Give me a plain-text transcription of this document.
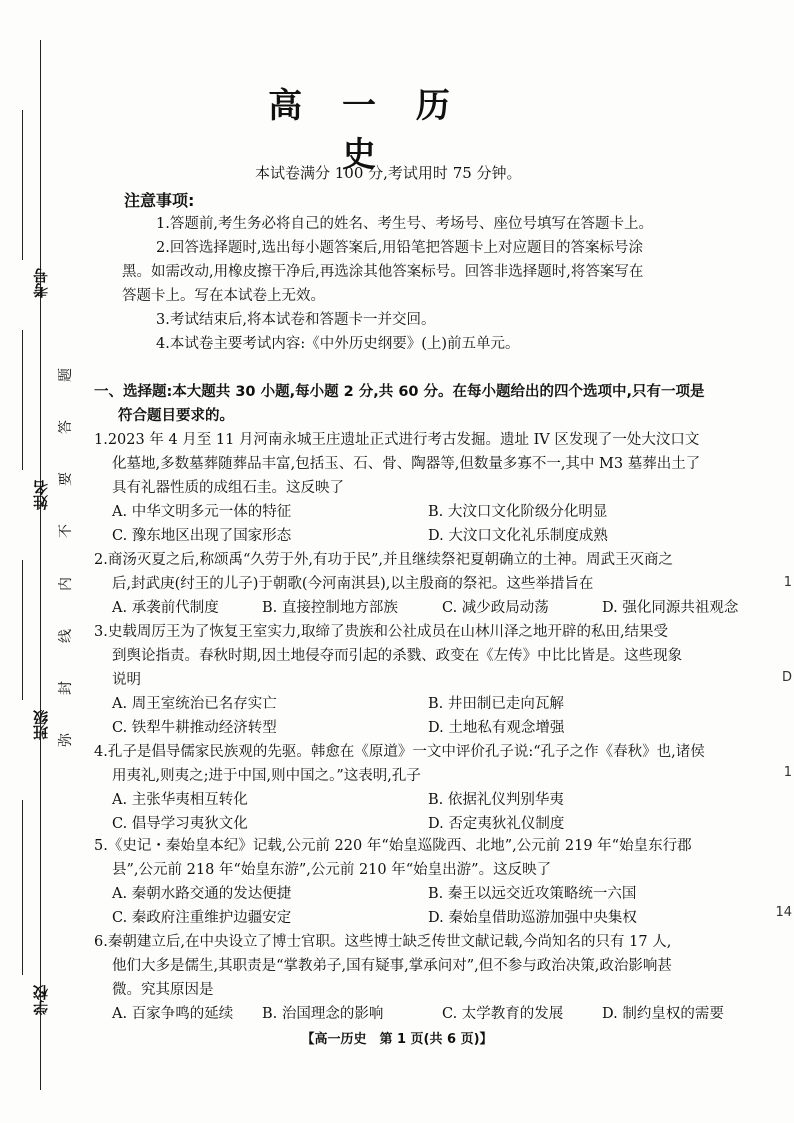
考号
姓名
班级
学校
题
答
要
不
内
线
封
弥
高 一 历 史
本试卷满分 100 分,考试用时 75 分钟。
注意事项:
1.答题前,考生务必将自己的姓名、考生号、考场号、座位号填写在答题卡上。
2.回答选择题时,选出每小题答案后,用铅笔把答题卡上对应题目的答案标号涂
黑。如需改动,用橡皮擦干净后,再选涂其他答案标号。回答非选择题时,将答案写在
答题卡上。写在本试卷上无效。
3.考试结束后,将本试卷和答题卡一并交回。
4.本试卷主要考试内容:《中外历史纲要》(上)前五单元。
一、选择题:本大题共 30 小题,每小题 2 分,共 60 分。在每小题给出的四个选项中,只有一项是
符合题目要求的。
1.2023 年 4 月至 11 月河南永城王庄遗址正式进行考古发掘。遗址 IV 区发现了一处大汶口文
化墓地,多数墓葬随葬品丰富,包括玉、石、骨、陶器等,但数量多寡不一,其中 M3 墓葬出土了
具有礼器性质的成组石圭。这反映了
A. 中华文明多元一体的特征	B. 大汶口文化阶级分化明显
C. 豫东地区出现了国家形态	D. 大汶口文化礼乐制度成熟
2.商汤灭夏之后,称颂禹“久劳于外,有功于民”,并且继续祭祀夏朝确立的土神。周武王灭商之
后,封武庚(纣王的儿子)于朝歌(今河南淇县),以主殷商的祭祀。这些举措旨在
A. 承袭前代制度	B. 直接控制地方部族	C. 减少政局动荡	D. 强化同源共祖观念
3.史载周厉王为了恢复王室实力,取缔了贵族和公社成员在山林川泽之地开辟的私田,结果受
到舆论指责。春秋时期,因土地侵夺而引起的杀戮、政变在《左传》中比比皆是。这些现象
说明
A. 周王室统治已名存实亡	B. 井田制已走向瓦解
C. 铁犁牛耕推动经济转型	D. 土地私有观念增强
4.孔子是倡导儒家民族观的先驱。韩愈在《原道》一文中评价孔子说:“孔子之作《春秋》也,诸侯
用夷礼,则夷之;进于中国,则中国之。”这表明,孔子
A. 主张华夷相互转化	B. 依据礼仪判别华夷
C. 倡导学习夷狄文化	D. 否定夷狄礼仪制度
5.《史记・秦始皇本纪》记载,公元前 220 年“始皇巡陇西、北地”,公元前 219 年“始皇东行郡
县”,公元前 218 年“始皇东游”,公元前 210 年“始皇出游”。这反映了
A. 秦朝水路交通的发达便捷	B. 秦王以远交近攻策略统一六国
C. 秦政府注重维护边疆安定	D. 秦始皇借助巡游加强中央集权
6.秦朝建立后,在中央设立了博士官职。这些博士缺乏传世文献记载,今尚知名的只有 17 人,
他们大多是儒生,其职责是“掌教弟子,国有疑事,掌承问对”,但不参与政治决策,政治影响甚
微。究其原因是
A. 百家争鸣的延续	B. 治国理念的影响	C. 太学教育的发展	D. 制约皇权的需要
【高一历史　第 1 页(共 6 页)】
1
D
1
14
